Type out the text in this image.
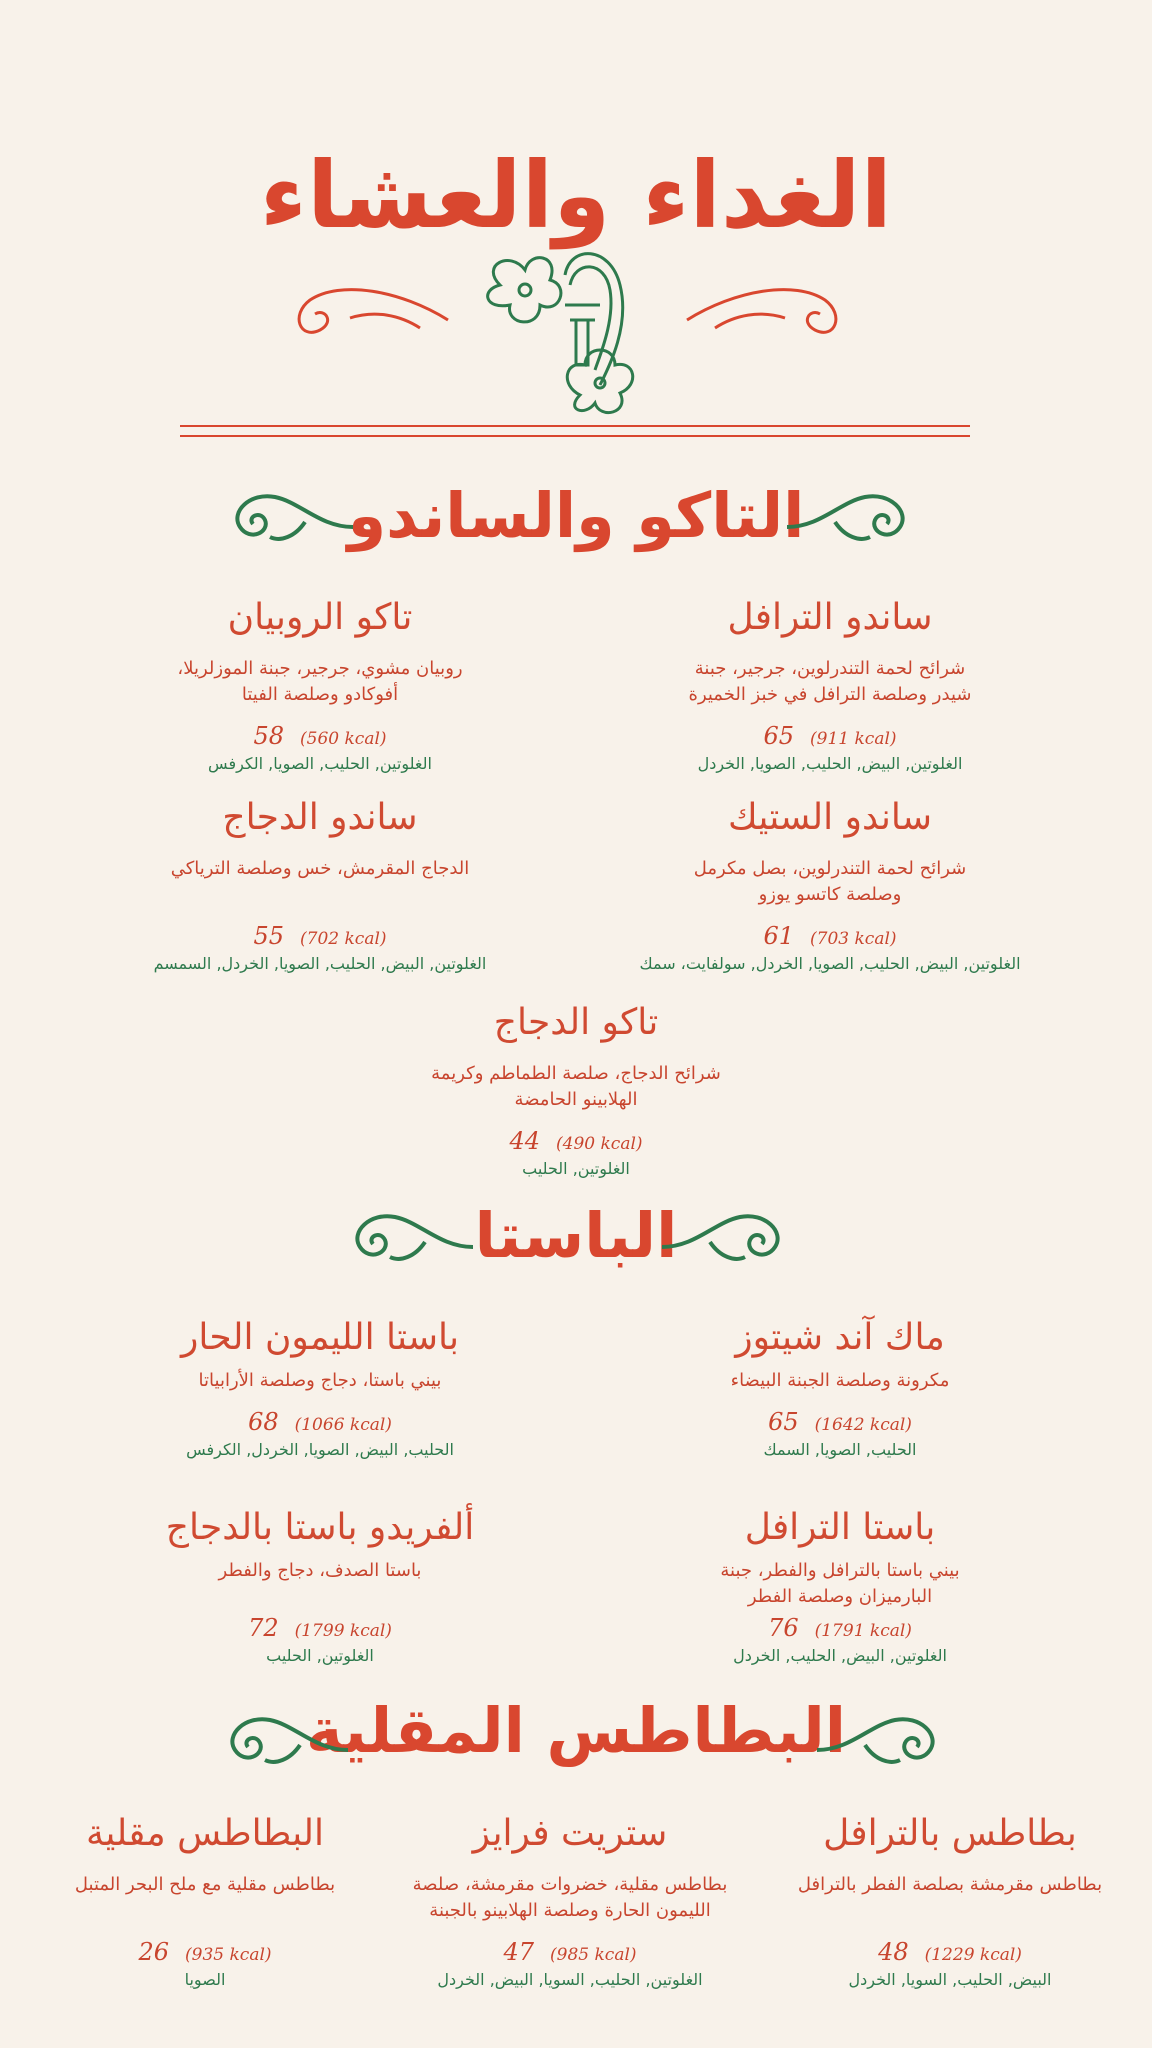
الغداء والعشاء
التاكو والساندو
الباستا
البطاطس المقلية
ساندو الترافل
شرائح لحمة التندرلوين، جرجير، جبنة
شيدر وصلصة الترافل في خبز الخميرة
65 (911 kcal)
الغلوتين, البيض, الحليب, الصويا, الخردل
تاكو الروبيان
روبيان مشوي، جرجير، جبنة الموزلريلا،
أفوكادو وصلصة الفيتا
58 (560 kcal)
الغلوتين, الحليب, الصويا, الكرفس
ساندو الستيك
شرائح لحمة التندرلوين، بصل مكرمل
وصلصة كاتسو يوزو
61 (703 kcal)
الغلوتين, البيض, الحليب, الصويا, الخردل, سولفايت، سمك
ساندو الدجاج
الدجاج المقرمش، خس وصلصة الترياكي
55 (702 kcal)
الغلوتين, البيض, الحليب, الصويا, الخردل, السمسم
تاكو الدجاج
شرائح الدجاج، صلصة الطماطم وكريمة
الهلابينو الحامضة
44 (490 kcal)
الغلوتين, الحليب
ماك آند شيتوز
مكرونة وصلصة الجبنة البيضاء
65 (1642 kcal)
الحليب, الصويا, السمك
باستا الليمون الحار
بيني باستا، دجاج وصلصة الأرابياتا
68 (1066 kcal)
الحليب, البيض, الصويا, الخردل, الكرفس
باستا الترافل
بيني باستا بالترافل والفطر، جبنة
البارميزان وصلصة الفطر
76 (1791 kcal)
الغلوتين, البيض, الحليب, الخردل
ألفريدو باستا بالدجاج
باستا الصدف، دجاج والفطر
72 (1799 kcal)
الغلوتين, الحليب
بطاطس بالترافل
بطاطس مقرمشة بصلصة الفطر بالترافل
48 (1229 kcal)
البيض, الحليب, السويا, الخردل
ستريت فرايز
بطاطس مقلية، خضروات مقرمشة، صلصة
الليمون الحارة وصلصة الهلابينو بالجبنة
47 (985 kcal)
الغلوتين, الحليب, السويا, البيض, الخردل
البطاطس مقلية
بطاطس مقلية مع ملح البحر المتبل
26 (935 kcal)
الصويا
